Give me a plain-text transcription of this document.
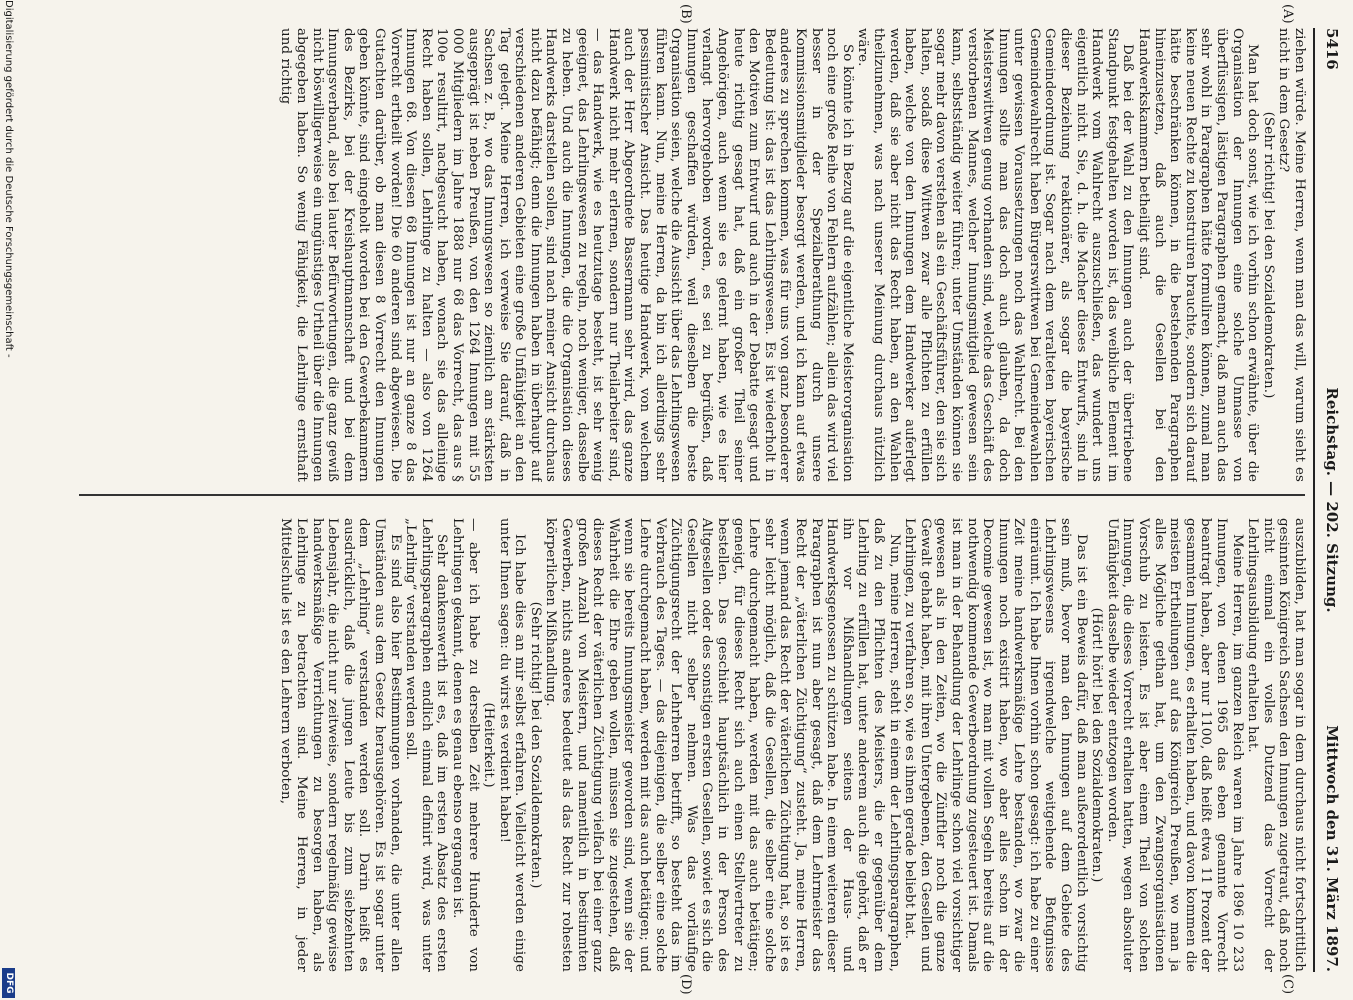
5416
Reichstag. — 202. Sitzung.
Mittwoch den 31. März 1897.
(A)
(B)
(C)
(D)

ziehen würde. Meine Herren, wenn man das will, warum sieht es nicht in dem Gesetz?

(Sehr richtig! bei den Sozialdemokraten.)

Man hat doch sonst, wie ich vorhin schon erwähnte, über die Organisation der Innungen eine solche Unmasse von überflüssigen, lästigen Paragraphen gemacht, daß man auch das sehr wohl in Paragraphen hätte formuliren können, zumal man keine neuen Rechte zu konstruiren brauchte, sondern sich darauf hätte beschränken können, in die bestehenden Paragraphen hineinzusetzen, daß auch die Gesellen bei den Handwerkskammern betheiligt sind.

Daß bei der Wahl zu den Innungen auch der übertriebene Standpunkt festgehalten worden ist, das weibliche Element im Handwerk vom Wahlrecht auszuschließen, das wundert uns eigentlich nicht. Sie, d. h. die Macher dieses Entwurfs, sind in dieser Beziehung reaktionärer, als sogar die bayerische Gemeindeordnung ist. Sogar nach dem veralteten bayerischen Gemeindewahlrecht haben Bürgerswittwen bei Gemeindewahlen unter gewissen Voraussetzungen noch das Wahlrecht. Bei den Innungen sollte man das doch auch glauben, da doch Meisterswittwen genug vorhanden sind, welche das Geschäft des verstorbenen Mannes, welcher Innungsmitglied gewesen sein kann, selbstständig weiter führen; unter Umständen können sie sogar mehr davon verstehen als ein Geschäftsführer, den sie sich halten, sodaß diese Wittwen zwar alle Pflichten zu erfüllen haben, welche von den Innungen dem Handwerker auferlegt werden, daß sie aber nicht das Recht haben, an den Wahlen theilzunehmen, was nach unserer Meinung durchaus nützlich wäre.

So könnte ich in Bezug auf die eigentliche Meisterorganisation noch eine große Reihe von Fehlern aufzählen; allein das wird viel besser in der Spezialberathung durch unsere Kommissionsmitglieder besorgt werden, und ich kann auf etwas anderes zu sprechen kommen, was für uns von ganz besonderer Bedeutung ist: das ist das Lehrlingswesen. Es ist wiederholt in den Motiven zum Entwurf und auch in der Debatte gesagt und heute richtig gesagt hat, daß ein großer Theil seiner Angehörigen, auch wenn sie es gelernt haben, wie es hier verlangt hervorgehoben worden, es sei zu begrüßen, daß Innungen geschaffen würden, weil dieselben die beste Organisation seien, welche die Aussicht über das Lehrlingswesen führen kann. Nun, meine Herren, da bin ich allerdings sehr pessimistischer Ansicht. Das heutige Handwerk, von welchem auch der Herr Abgeordnete Bassermann sehr wird, das ganze Handwerk nicht mehr erlernen, sondern nur Theilarbeiter sind, — das Handwerk, wie es heutzutage besteht, ist sehr wenig geeignet, das Lehrlingswesen zu regeln, noch weniger, dasselbe zu heben. Und auch die Innungen, die die Organisation dieses Handwerks darstellen sollen, sind nach meiner Ansicht durchaus nicht dazu befähigt; denn die Innungen haben in überhaupt auf verschiedenen anderen Gebieten eine große Unfähigkeit an den Tag gelegt. Meine Herren, ich verweise Sie darauf, daß in Sachsen z. B., wo das Innungswesen so ziemlich am stärksten ausgeprägt ist neben Preußen, von den 1264 Innungen mit 55 000 Mitgliedern im Jahre 1888 nur 68 das Vorrecht, das aus § 100e resultirt, nachgesucht haben, wonach sie das alleinige Recht haben sollen, Lehrlinge zu halten — also von 1264 Innungen 68. Von diesen 68 Innungen ist nur an ganze 8 das Vorrecht ertheilt worden! Die 60 anderen sind abgewiesen. Die Gutachten darüber, ob man diesen 8 Vorrecht den Innungen geben könnte, sind eingeholt worden bei den Gewerbekammern des Bezirks, bei der Kreishauptmannschaft und bei dem Innungsverband, also bei lauter Befürwortungen, die ganz gewiß nicht böswilligerweise ein ungünstiges Urtheil über die Innungen abgegeben haben. So wenig Fähigkeit, die Lehrlinge ernsthaft und richtig

auszubilden, hat man sogar in dem durchaus nicht fortschrittlich gesinnten Königreich Sachsen den Innungen zugetraut, daß noch nicht einmal ein volles Dutzend das Vorrecht der Lehrlingsausbildung erhalten hat.

Meine Herren, im ganzen Reich waren im Jahre 1896 10 233 Innungen, von denen 1965 das eben genannte Vorrecht beantragt haben, aber nur 1100, daß heißt etwa 11 Prozent der gesammten Innungen, es erhalten haben, und davon kommen die meisten Ertheilungen auf das Königreich Preußen, wo man ja alles Mögliche gethan hat, um den Zwangsorganisationen Vorschub zu leisten. Es ist aber einem Theil von solchen Innungen, die dieses Vorrecht erhalten hatten, wegen absoluter Unfähigkeit dasselbe wieder entzogen worden.

(Hört! hört! bei den Sozialdemokraten.)

Das ist ein Beweis dafür, daß man außerordentlich vorsichtig sein muß, bevor man den Innungen auf dem Gebiete des Lehrlingswesens irgendwelche weitgehende Befugnisse einräumt. Ich habe Ihnen vorhin schon gesagt: ich habe zu einer Zeit meine handwerksmäßige Lehre bestanden, wo zwar die Innungen noch existirt haben, wo aber alles schon in der Decomie gewesen ist, wo man mit vollen Segeln bereits auf die nothwendig kommende Gewerbeordnung zugesteuert ist. Damals ist man in der Behandlung der Lehrlinge schon viel vorsichtiger gewesen als in den Zeiten, wo die Zünftler noch die ganze Gewalt gehabt haben, mit ihren Untergebenen, den Gesellen und Lehrlingen, zu verfahren so, wie es ihnen gerade beliebt hat.

Nun, meine Herren, steht in einem der Lehrlingsparagraphen, daß zu den Pflichten des Meisters, die er gegenüber dem Lehrling zu erfüllen hat, unter anderem auch die gehört, daß er ihn vor Mißhandlungen seitens der Haus- und Handwerksgenossen zu schützen habe. In einem weiteren dieser Paragraphen ist nun aber gesagt, daß dem Lehrmeister das Recht der „väterlichen Züchtigung“ zusteht. Ja, meine Herren, wenn jemand das Recht der väterlichen Züchtigung hat, so ist es sehr leicht möglich, daß die Gesellen, die selber eine solche Lehre durchgemacht haben, werden mit das auch betätigen; geneigt, für dieses Recht sich auch einen Stellvertreter zu bestellen. Das geschieht hauptsächlich in der Person des Altgesellen oder des sonstigen ersten Gesellen, sowiet es sich die Gesellen nicht selber nehmen. Was das vorläufige Züchtigungsrecht der Lehrherren betrifft, so besteht das im Verbrauch des Tages. — das diejenigen, die selber eine solche Lehre durchgemacht haben, werden mit das auch betätigen; und wenn sie bereits Innungsmeister geworden sind, wenn sie der Wahrheit die Ehre geben wollen, müssen sie zugestehen, daß dieses Recht der väterlichen Züchtigung vielfach bei einer ganz großen Anzahl von Meistern, und namentlich in bestimmten Gewerben, nichts anderes bedeutet als das Recht zur rohesten körperlichen Mißhandlung.

(Sehr richtig! bei den Sozialdemokraten.)

Ich habe dies an mir selbst erfahren. Vielleicht werden einige unter Ihnen sagen: du wirst es verdient haben!

(Heiterkeit.)

— aber ich habe zu derselben Zeit mehrere Hunderte von Lehrlingen gekannt, denen es genau ebenso ergangen ist.

Sehr dankenswerth ist es, daß im ersten Absatz des ersten Lehrlingsparagraphen endlich einmal definirt wird, was unter „Lehrling“ verstanden werden soll.

Es sind also hier Bestimmungen vorhanden, die unter allen Umständen aus dem Gesetz herausgehören. Es ist sogar unter dem „Lehrling“ verstanden werden soll. Darin heißt es ausdrücklich, daß die jungen Leute bis zum siebzehnten Lebensjahr, die nicht nur zeitweise, sondern regelmäßig gewisse handwerksmäßige Verrichtungen zu besorgen haben, als Lehrlinge zu betrachten sind. Meine Herren, in jeder Mittelschule ist es den Lehrern verboten,

Digitalisierung gefördert durch die Deutsche Forschungsgemeinschaft -
DFG
